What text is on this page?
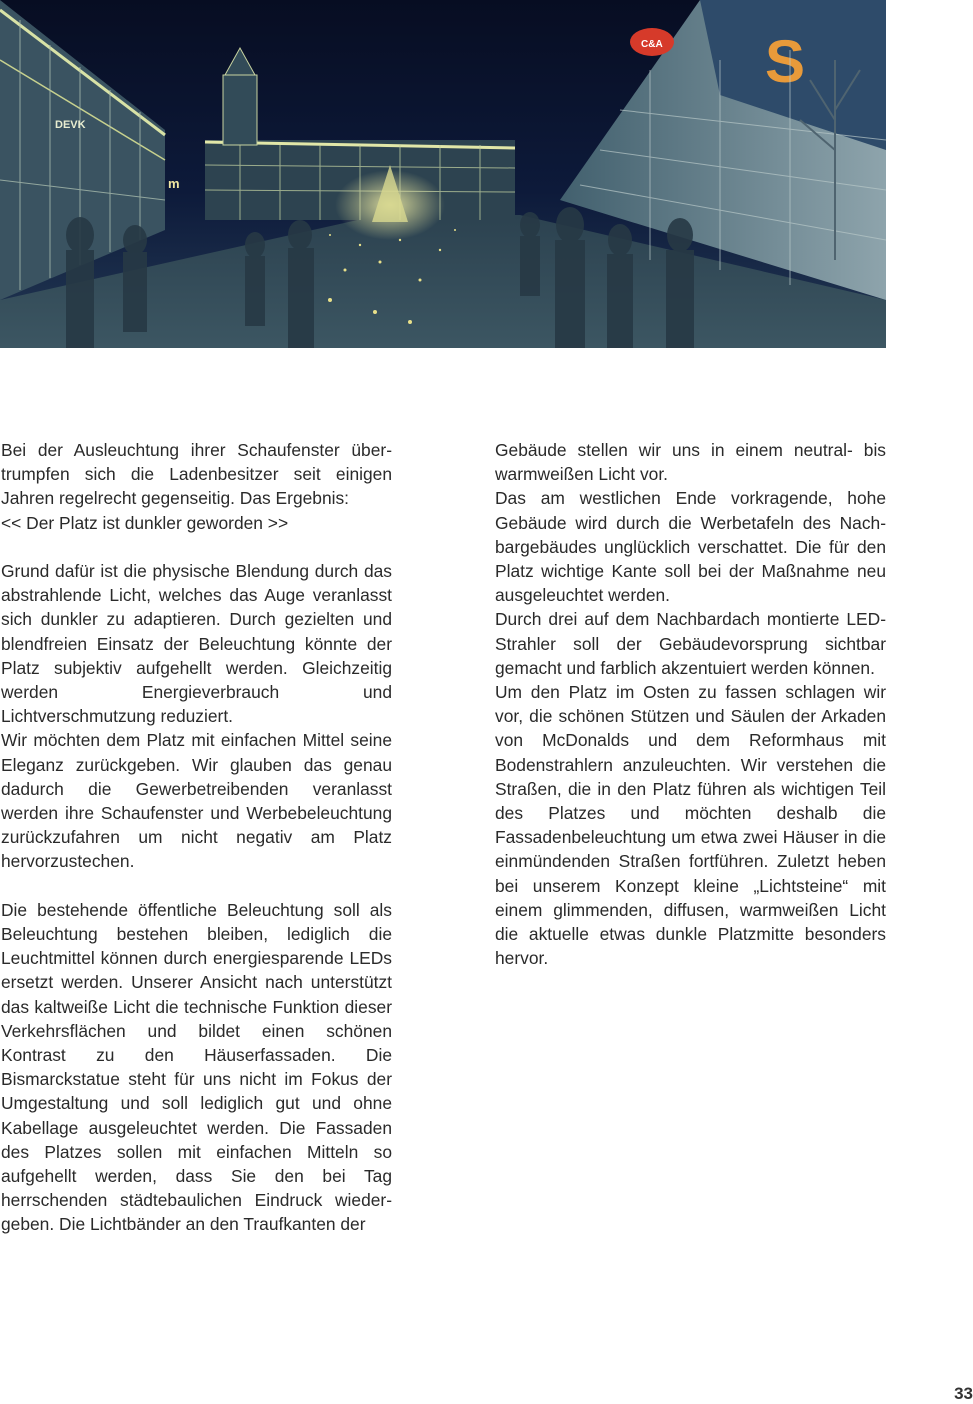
DEVK
m
S
C&A

Bei der Ausleuchtung ihrer Schaufenster übertrumpfen sich die Ladenbesitzer seit einigen Jahren regelrecht gegenseitig. Das Ergebnis:

<< Der Platz ist dunkler geworden >>

Grund dafür ist die physische Blendung durch das abstrahlende Licht, welches das Auge veranlasst sich dunkler zu adaptieren. Durch gezielten und blendfreien Einsatz der Beleuchtung könnte der Platz subjektiv aufgehellt werden. Gleichzeitig werden Energieverbrauch und Lichtverschmutzung reduziert.

Wir möchten dem Platz mit einfachen Mittel seine Eleganz zurückgeben. Wir glauben das genau dadurch die Gewerbetreibenden veranlasst werden ihre Schaufenster und Werbebeleuchtung zurückzufahren um nicht negativ am Platz hervorzustechen.

Die bestehende öffentliche Beleuchtung soll als Beleuchtung bestehen bleiben, lediglich die Leuchtmittel können durch energiesparende LEDs ersetzt werden. Unserer Ansicht nach unterstützt das kaltweiße Licht die technische Funktion dieser Verkehrsflächen und bildet einen schönen Kontrast zu den Häuserfassaden. Die Bismarckstatue steht für uns nicht im Fokus der Umgestaltung und soll lediglich gut und ohne Kabellage ausgeleuchtet werden. Die Fassaden des Platzes sollen mit einfachen Mitteln so aufgehellt werden, dass Sie den bei Tag herrschenden städtebaulichen Eindruck wiedergeben. Die Lichtbänder an den Traufkanten der

Gebäude stellen wir uns in einem neutral- bis warmweißen Licht vor.

Das am westlichen Ende vorkragende, hohe Gebäude wird durch die Werbetafeln des Nachbargebäudes unglücklich verschattet. Die für den Platz wichtige Kante soll bei der Maßnahme neu ausgeleuchtet werden.

Durch drei auf dem Nachbardach montierte LED-Strahler soll der Gebäudevorsprung sichtbar gemacht und farblich akzentuiert werden können.

Um den Platz im Osten zu fassen schlagen wir vor, die schönen Stützen und Säulen der Arkaden von McDonalds und dem Reformhaus mit Bodenstrahlern anzuleuchten. Wir verstehen die Straßen, die in den Platz führen als wichtigen Teil des Platzes und möchten deshalb die Fassadenbeleuchtung um etwa zwei Häuser in die einmündenden Straßen fortführen. Zuletzt heben bei unserem Konzept kleine „Lichtsteine“ mit einem glimmenden, diffusen, warmweißen Licht die aktuelle etwas dunkle Platzmitte besonders hervor.

33
